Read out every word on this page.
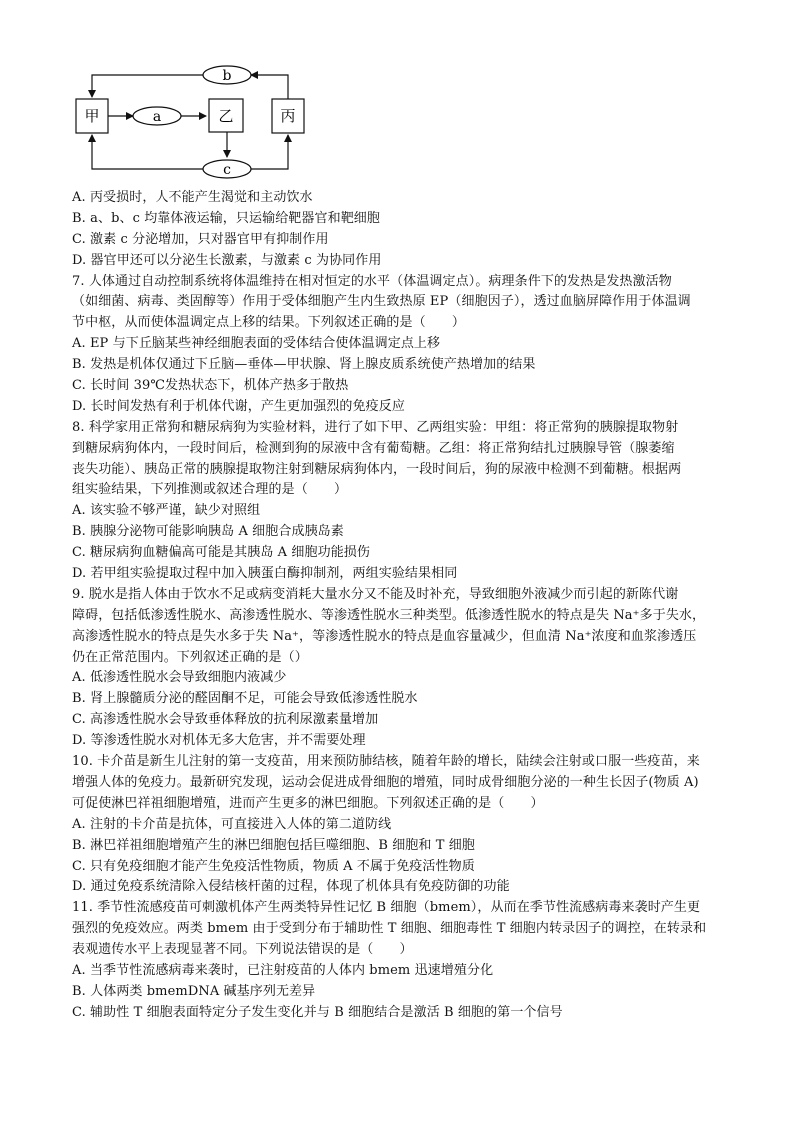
甲	乙	丙
a
b
c
A. 丙受损时，人不能产生渴觉和主动饮水
B. a、b、c 均靠体液运输，只运输给靶器官和靶细胞
C. 激素 c 分泌增加，只对器官甲有抑制作用
D. 器官甲还可以分泌生长激素，与激素 c 为协同作用
7. 人体通过自动控制系统将体温维持在相对恒定的水平（体温调定点）。病理条件下的发热是发热激活物
（如细菌、病毒、类固醇等）作用于受体细胞产生内生致热原 EP（细胞因子），透过血脑屏障作用于体温调
节中枢，从而使体温调定点上移的结果。下列叙述正确的是（　　）
A. EP 与下丘脑某些神经细胞表面的受体结合使体温调定点上移
B. 发热是机体仅通过下丘脑—垂体—甲状腺、肾上腺皮质系统使产热增加的结果
C. 长时间 39℃发热状态下，机体产热多于散热
D. 长时间发热有利于机体代谢，产生更加强烈的免疫反应
8. 科学家用正常狗和糖尿病狗为实验材料，进行了如下甲、乙两组实验：甲组：将正常狗的胰腺提取物射
到糖尿病狗体内，一段时间后，检测到狗的尿液中含有葡萄糖。乙组：将正常狗结扎过胰腺导管（腺萎缩
丧失功能）、胰岛正常的胰腺提取物注射到糖尿病狗体内，一段时间后，狗的尿液中检测不到葡糖。根据两
组实验结果，下列推测或叙述合理的是（　　）
A. 该实验不够严谨，缺少对照组
B. 胰腺分泌物可能影响胰岛 A 细胞合成胰岛素
C. 糖尿病狗血糖偏高可能是其胰岛 A 细胞功能损伤
D. 若甲组实验提取过程中加入胰蛋白酶抑制剂，两组实验结果相同
9. 脱水是指人体由于饮水不足或病变消耗大量水分又不能及时补充，导致细胞外液减少而引起的新陈代谢
障碍，包括低渗透性脱水、高渗透性脱水、等渗透性脱水三种类型。低渗透性脱水的特点是失 Na⁺多于失水，
高渗透性脱水的特点是失水多于失 Na⁺，等渗透性脱水的特点是血容量减少，但血清 Na⁺浓度和血浆渗透压
仍在正常范围内。下列叙述正确的是（）
A. 低渗透性脱水会导致细胞内液减少
B. 肾上腺髓质分泌的醛固酮不足，可能会导致低渗透性脱水
C. 高渗透性脱水会导致垂体释放的抗利尿激素量增加
D. 等渗透性脱水对机体无多大危害，并不需要处理
10. 卡介苗是新生儿注射的第一支疫苗，用来预防肺结核，随着年龄的增长，陆续会注射或口服一些疫苗，来
增强人体的免疫力。最新研究发现，运动会促进成骨细胞的增殖，同时成骨细胞分泌的一种生长因子(物质 A)
可促使淋巴祥祖细胞增殖，进而产生更多的淋巴细胞。下列叙述正确的是（　　）
A. 注射的卡介苗是抗体，可直接进入人体的第二道防线
B. 淋巴祥祖细胞增殖产生的淋巴细胞包括巨噬细胞、B 细胞和 T 细胞
C. 只有免疫细胞才能产生免疫活性物质，物质 A 不属于免疫活性物质
D. 通过免疫系统清除入侵结核杆菌的过程，体现了机体具有免疫防御的功能
11. 季节性流感疫苗可刺激机体产生两类特异性记忆 B 细胞（bmem），从而在季节性流感病毒来袭时产生更
强烈的免疫效应。两类 bmem 由于受到分布于辅助性 T 细胞、细胞毒性 T 细胞内转录因子的调控，在转录和
表观遗传水平上表现显著不同。下列说法错误的是（　　）
A. 当季节性流感病毒来袭时，已注射疫苗的人体内 bmem 迅速增殖分化
B. 人体两类 bmemDNA 碱基序列无差异
C. 辅助性 T 细胞表面特定分子发生变化并与 B 细胞结合是激活 B 细胞的第一个信号
